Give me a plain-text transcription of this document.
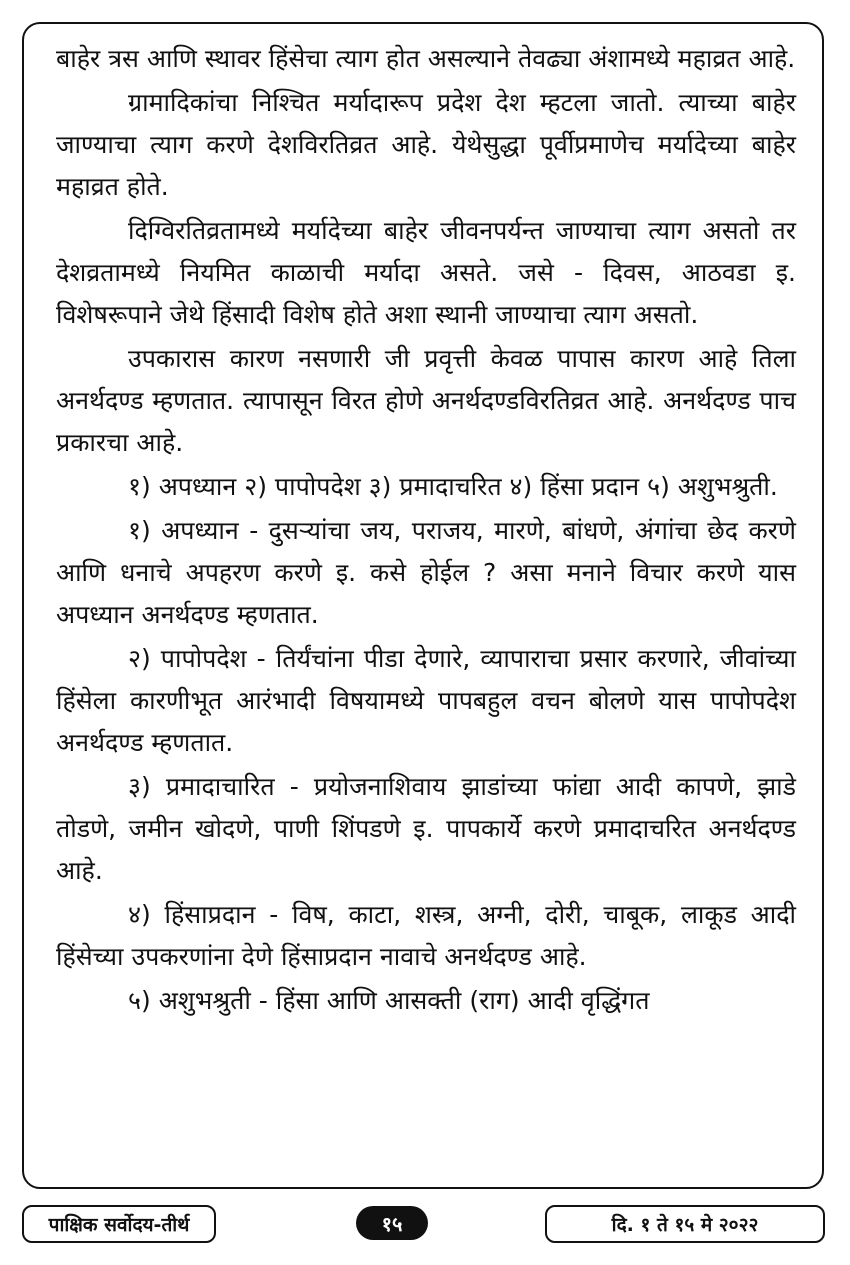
बाहेर त्रस आणि स्थावर हिंसेचा त्याग होत असल्याने तेवढ्या अंशामध्ये महाव्रत आहे.

ग्रामादिकांचा निश्चित मर्यादारूप प्रदेश देश म्हटला जातो. त्याच्या बाहेर जाण्याचा त्याग करणे देशविरतिव्रत आहे. येथेसुद्धा पूर्वीप्रमाणेच मर्यादेच्या बाहेर महाव्रत होते.

दिग्विरतिव्रतामध्ये मर्यादेच्या बाहेर जीवनपर्यन्त जाण्याचा त्याग असतो तर देशव्रतामध्ये नियमित काळाची मर्यादा असते. जसे - दिवस, आठवडा इ. विशेषरूपाने जेथे हिंसादी विशेष होते अशा स्थानी जाण्याचा त्याग असतो.

उपकारास कारण नसणारी जी प्रवृत्ती केवळ पापास कारण आहे तिला अनर्थदण्ड म्हणतात. त्यापासून विरत होणे अनर्थदण्डविरतिव्रत आहे. अनर्थदण्ड पाच प्रकारचा आहे.

१) अपध्यान २) पापोपदेश ३) प्रमादाचरित ४) हिंसा प्रदान ५) अशुभश्रुती.

१) अपध्यान - दुसऱ्यांचा जय, पराजय, मारणे, बांधणे, अंगांचा छेद करणे आणि धनाचे अपहरण करणे इ. कसे होईल ? असा मनाने विचार करणे यास अपध्यान अनर्थदण्ड म्हणतात.

२) पापोपदेश - तिर्यंचांना पीडा देणारे, व्यापाराचा प्रसार करणारे, जीवांच्या हिंसेला कारणीभूत आरंभादी विषयामध्ये पापबहुल वचन बोलणे यास पापोपदेश अनर्थदण्ड म्हणतात.

३) प्रमादाचारित - प्रयोजनाशिवाय झाडांच्या फांद्या आदी कापणे, झाडे तोडणे, जमीन खोदणे, पाणी शिंपडणे इ. पापकार्ये करणे प्रमादाचरित अनर्थदण्ड आहे.

४) हिंसाप्रदान - विष, काटा, शस्त्र, अग्नी, दोरी, चाबूक, लाकूड आदी हिंसेच्या उपकरणांना देणे हिंसाप्रदान नावाचे अनर्थदण्ड आहे.

५) अशुभश्रुती - हिंसा आणि आसक्ती (राग) आदी वृद्धिंगत

पाक्षिक सर्वोदय-तीर्थ	१५	दि. १ ते १५ मे २०२२
